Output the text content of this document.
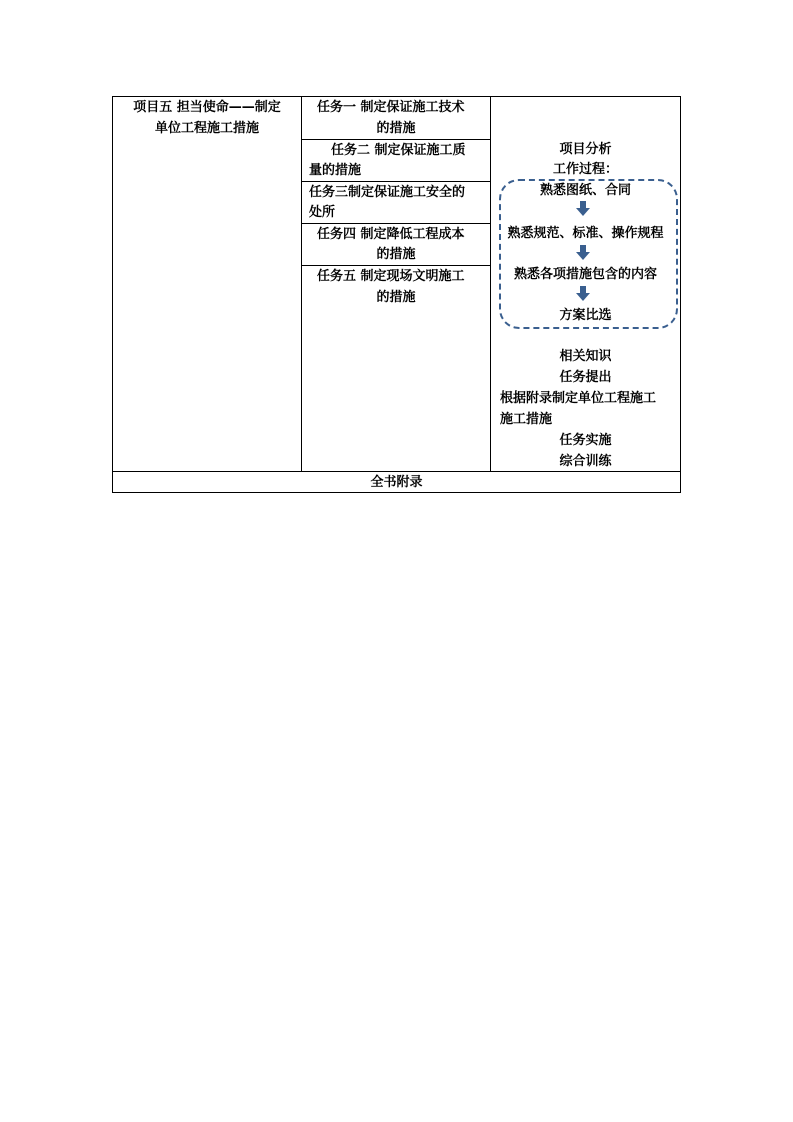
项目五 担当使命——制定
单位工程施工措施
任务一 制定保证施工技术
的措施
任务二 制定保证施工质
量的措施
任务三制定保证施工安全的
处所
任务四 制定降低工程成本
的措施
任务五 制定现场文明施工
的措施
项目分析
工作过程：
熟悉图纸、合同
熟悉规范、标准、操作规程
熟悉各项措施包含的内容
方案比选
相关知识
任务提出
根据附录制定单位工程施工
施工措施
任务实施
综合训练
全书附录
